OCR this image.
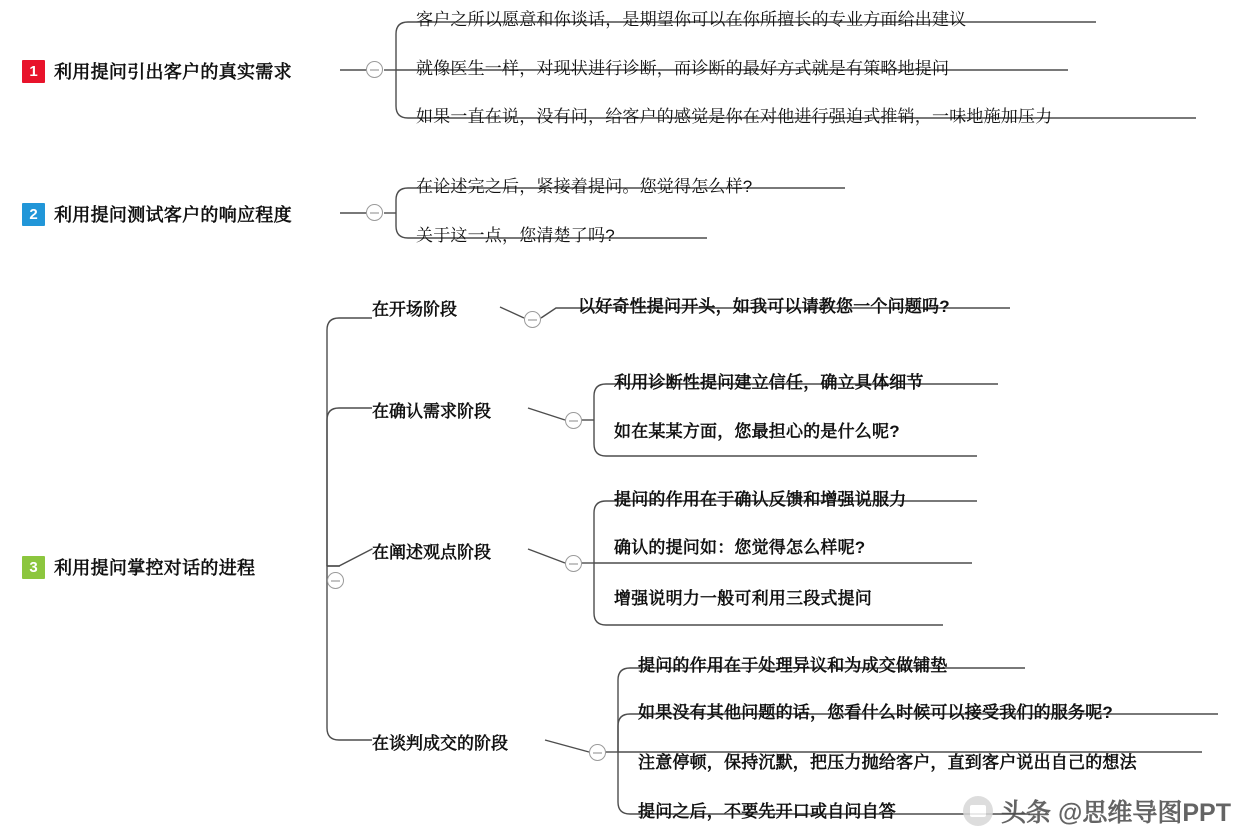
1 利用提问引出客户的真实需求
客户之所以愿意和你谈话，是期望你可以在你所擅长的专业方面给出建议
就像医生一样，对现状进行诊断，而诊断的最好方式就是有策略地提问
如果一直在说，没有问，给客户的感觉是你在对他进行强迫式推销，一味地施加压力
2 利用提问测试客户的响应程度
在论述完之后，紧接着提问。您觉得怎么样?
关于这一点，您清楚了吗?
3 利用提问掌控对话的进程
在开场阶段	以好奇性提问开头，如我可以请教您一个问题吗?
在确认需求阶段
利用诊断性提问建立信任，确立具体细节
如在某某方面，您最担心的是什么呢?
在阐述观点阶段
提问的作用在于确认反馈和增强说服力
确认的提问如：您觉得怎么样呢?
增强说明力一般可利用三段式提问
在谈判成交的阶段
提问的作用在于处理异议和为成交做铺垫
如果没有其他问题的话，您看什么时候可以接受我们的服务呢?
注意停顿，保持沉默，把压力抛给客户，直到客户说出自己的想法
提问之后，不要先开口或自问自答	头条 @思维导图PPT
